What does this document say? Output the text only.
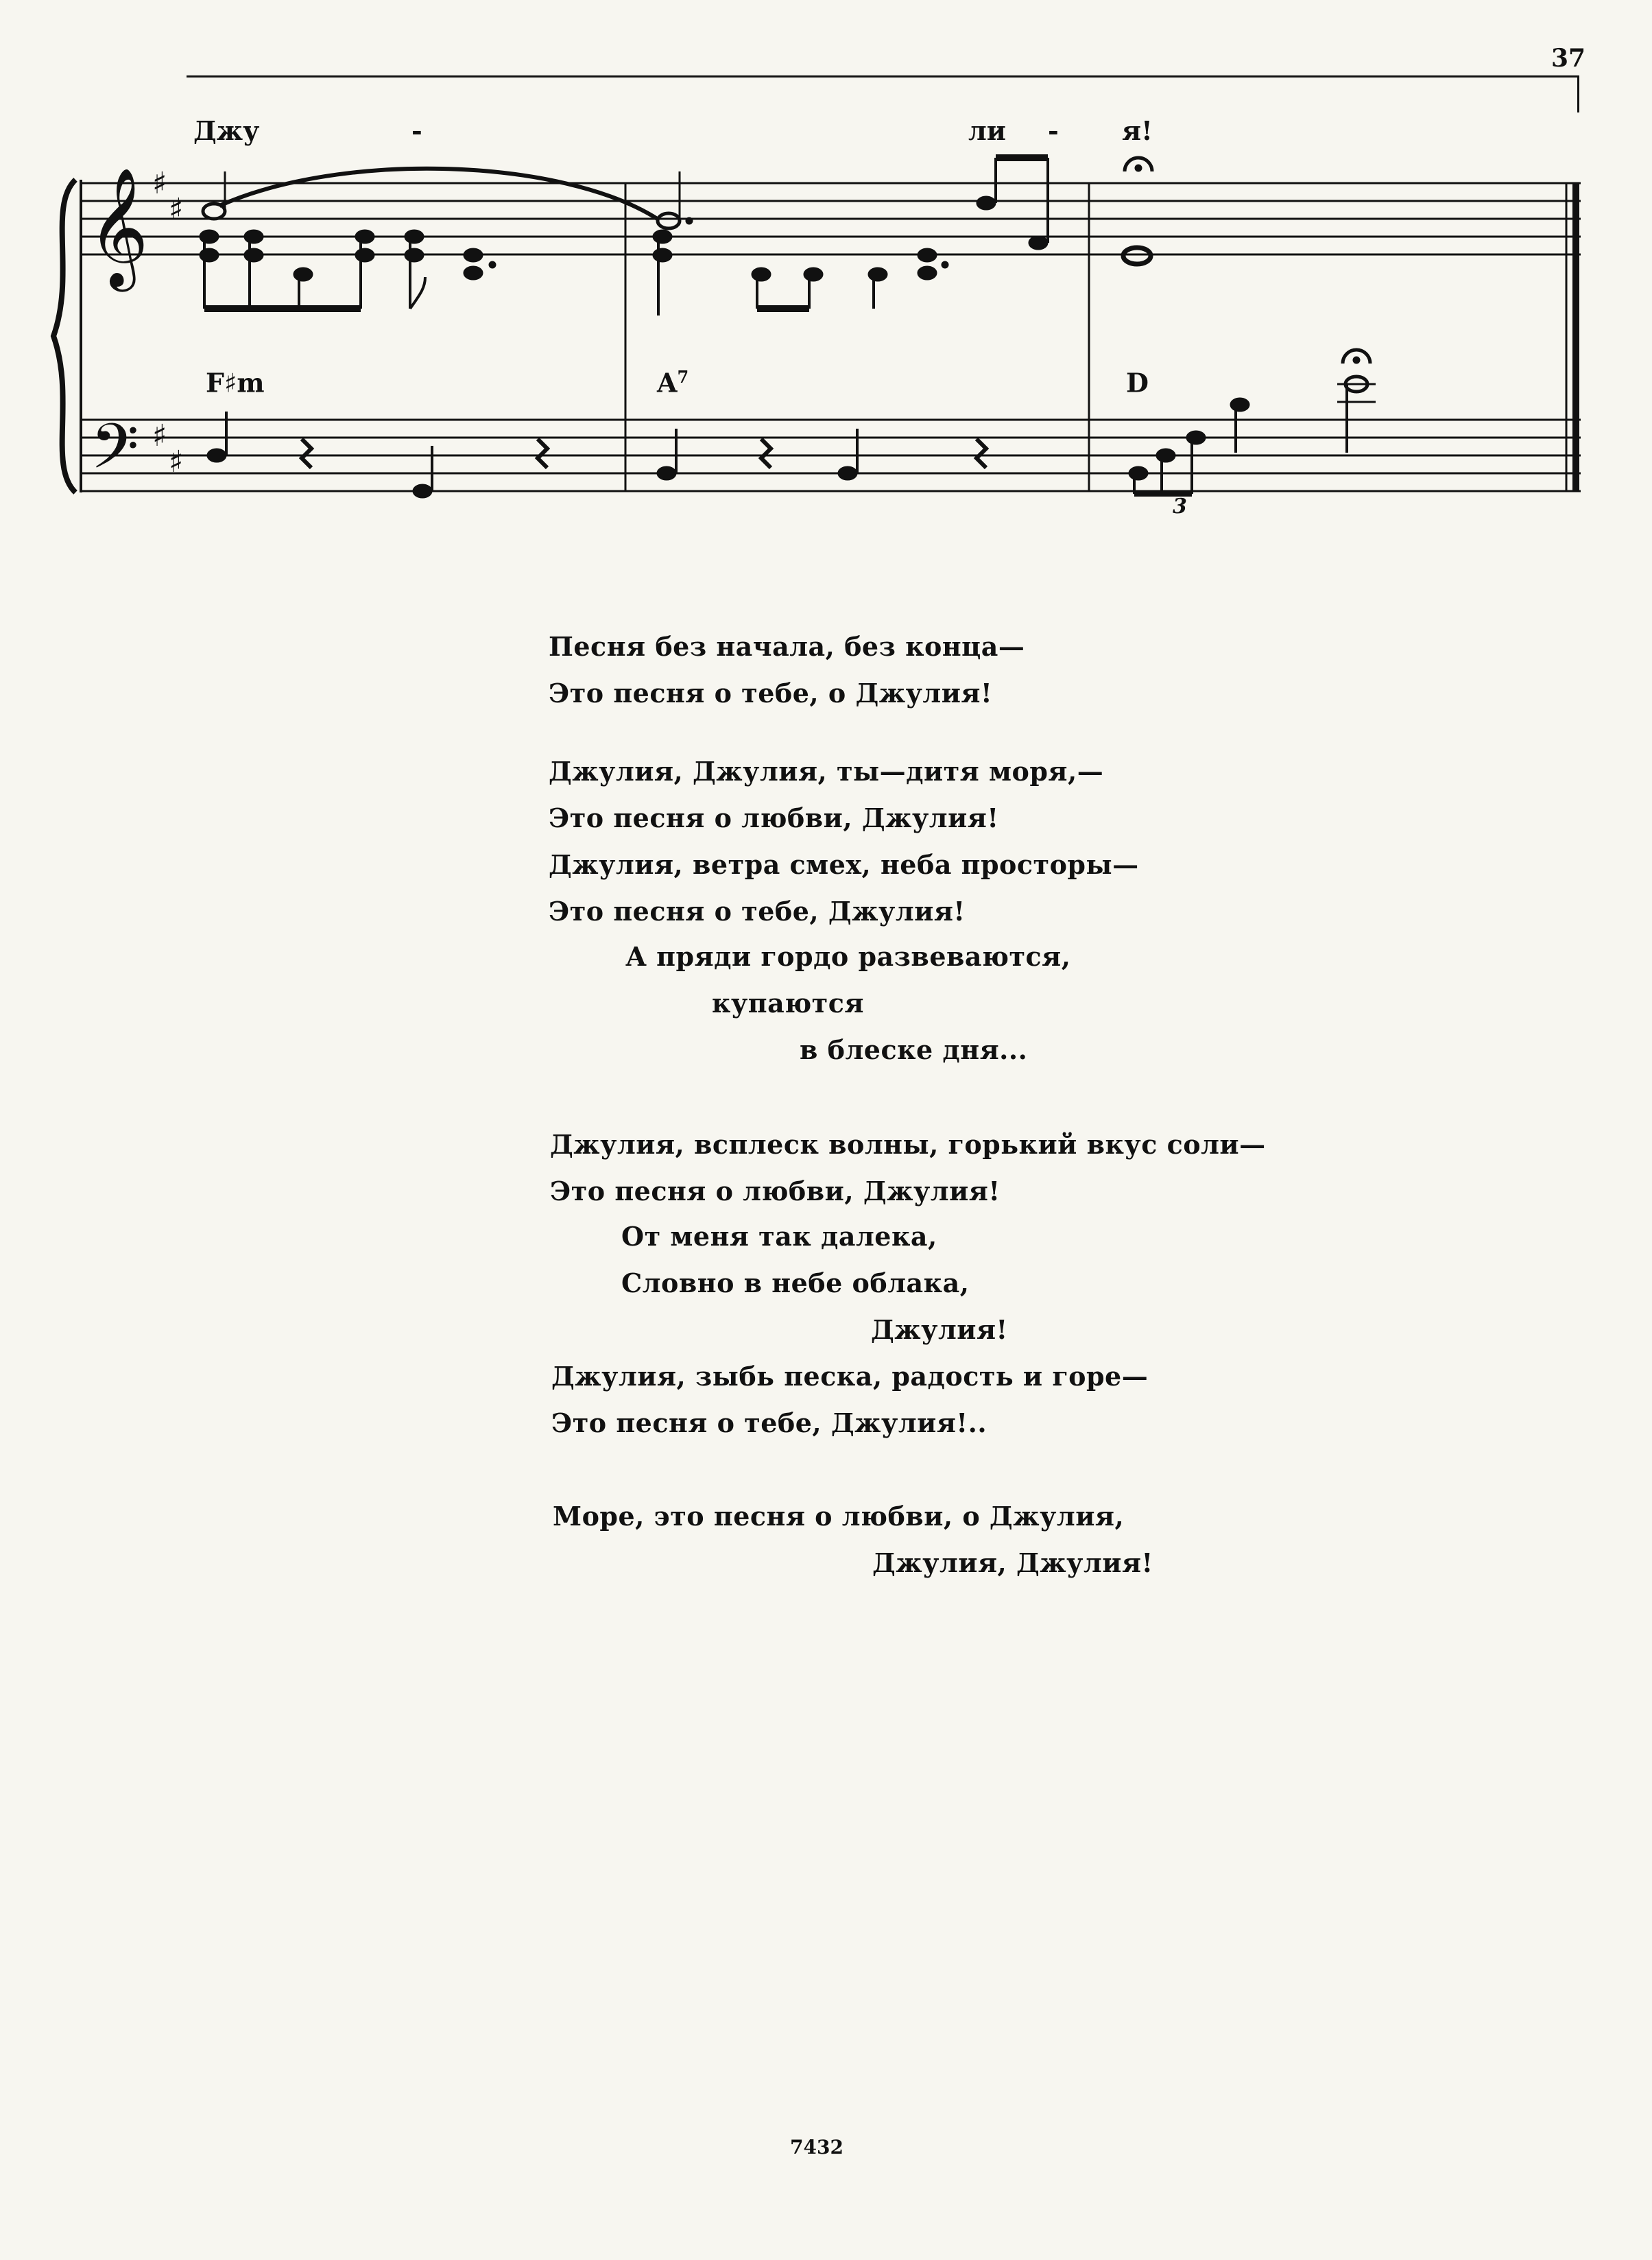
37
Джу	-	ли - я!
F♯m	$A^7$	D
𝄞
𝄢
♯
♯
♯
♯
3
Песня без начала, без конца—
Это песня о тебе, о Джулия!
Джулия, Джулия, ты—дитя моря,—
Это песня о любви, Джулия!
Джулия, ветра смех, неба просторы—
Это песня о тебе, Джулия!
А пряди гордо развеваются,
купаются
в блеске дня...
Джулия, всплеск волны, горький вкус соли—
Это песня о любви, Джулия!
От меня так далека,
Словно в небе облака,
Джулия!
Джулия, зыбь песка, радость и горе—
Это песня о тебе, Джулия!..
Море, это песня о любви, о Джулия,
Джулия, Джулия!
7432
